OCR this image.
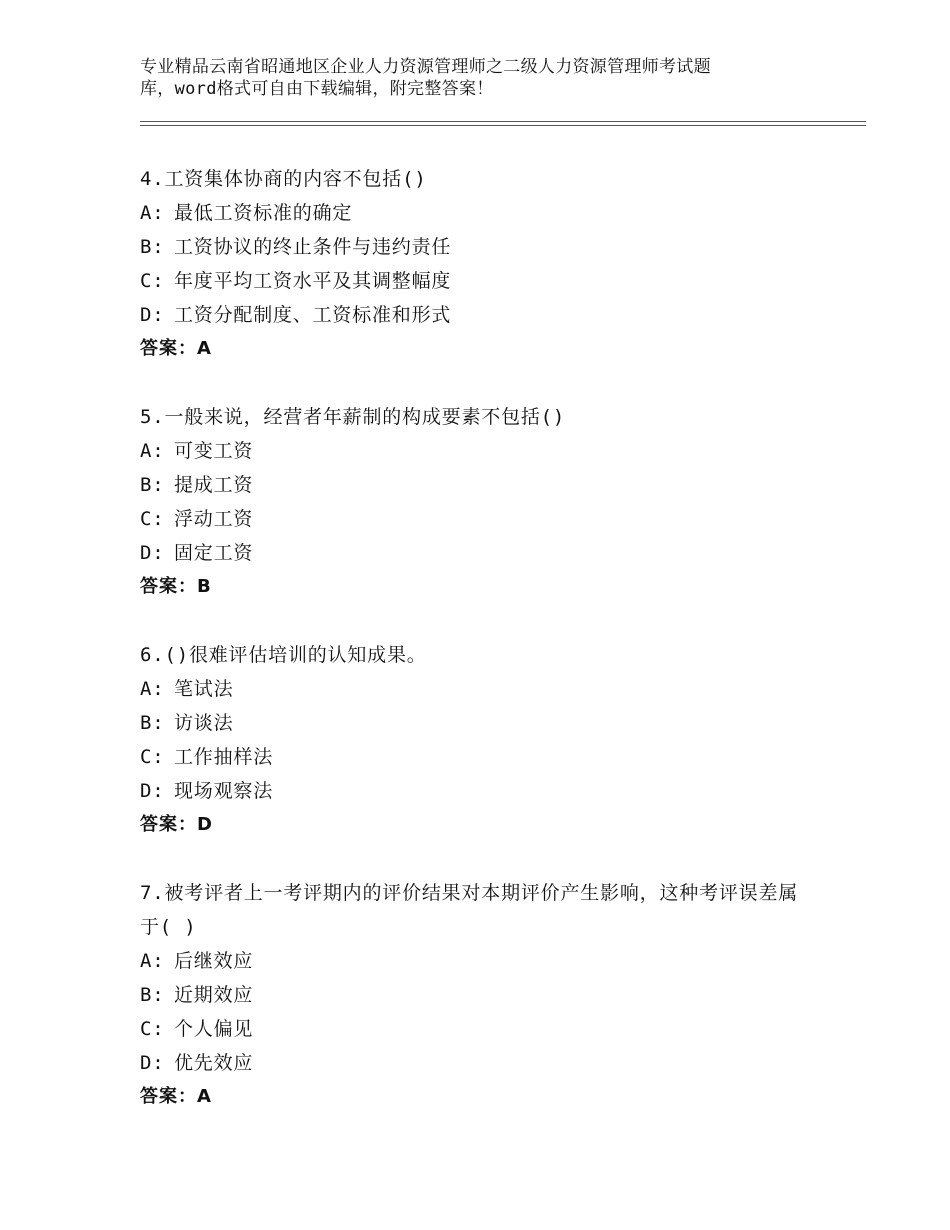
专业精品云南省昭通地区企业人力资源管理师之二级人力资源管理师考试题
库，word格式可自由下载编辑，附完整答案！
4.工资集体协商的内容不包括()
A: 最低工资标准的确定
B: 工资协议的终止条件与违约责任
C: 年度平均工资水平及其调整幅度
D: 工资分配制度、工资标准和形式
答案：A
5.一般来说，经营者年薪制的构成要素不包括()
A: 可变工资
B: 提成工资
C: 浮动工资
D: 固定工资
答案：B
6.()很难评估培训的认知成果。
A: 笔试法
B: 访谈法
C: 工作抽样法
D: 现场观察法
答案：D
7.被考评者上一考评期内的评价结果对本期评价产生影响，这种考评误差属于( )
A: 后继效应
B: 近期效应
C: 个人偏见
D: 优先效应
答案：A
